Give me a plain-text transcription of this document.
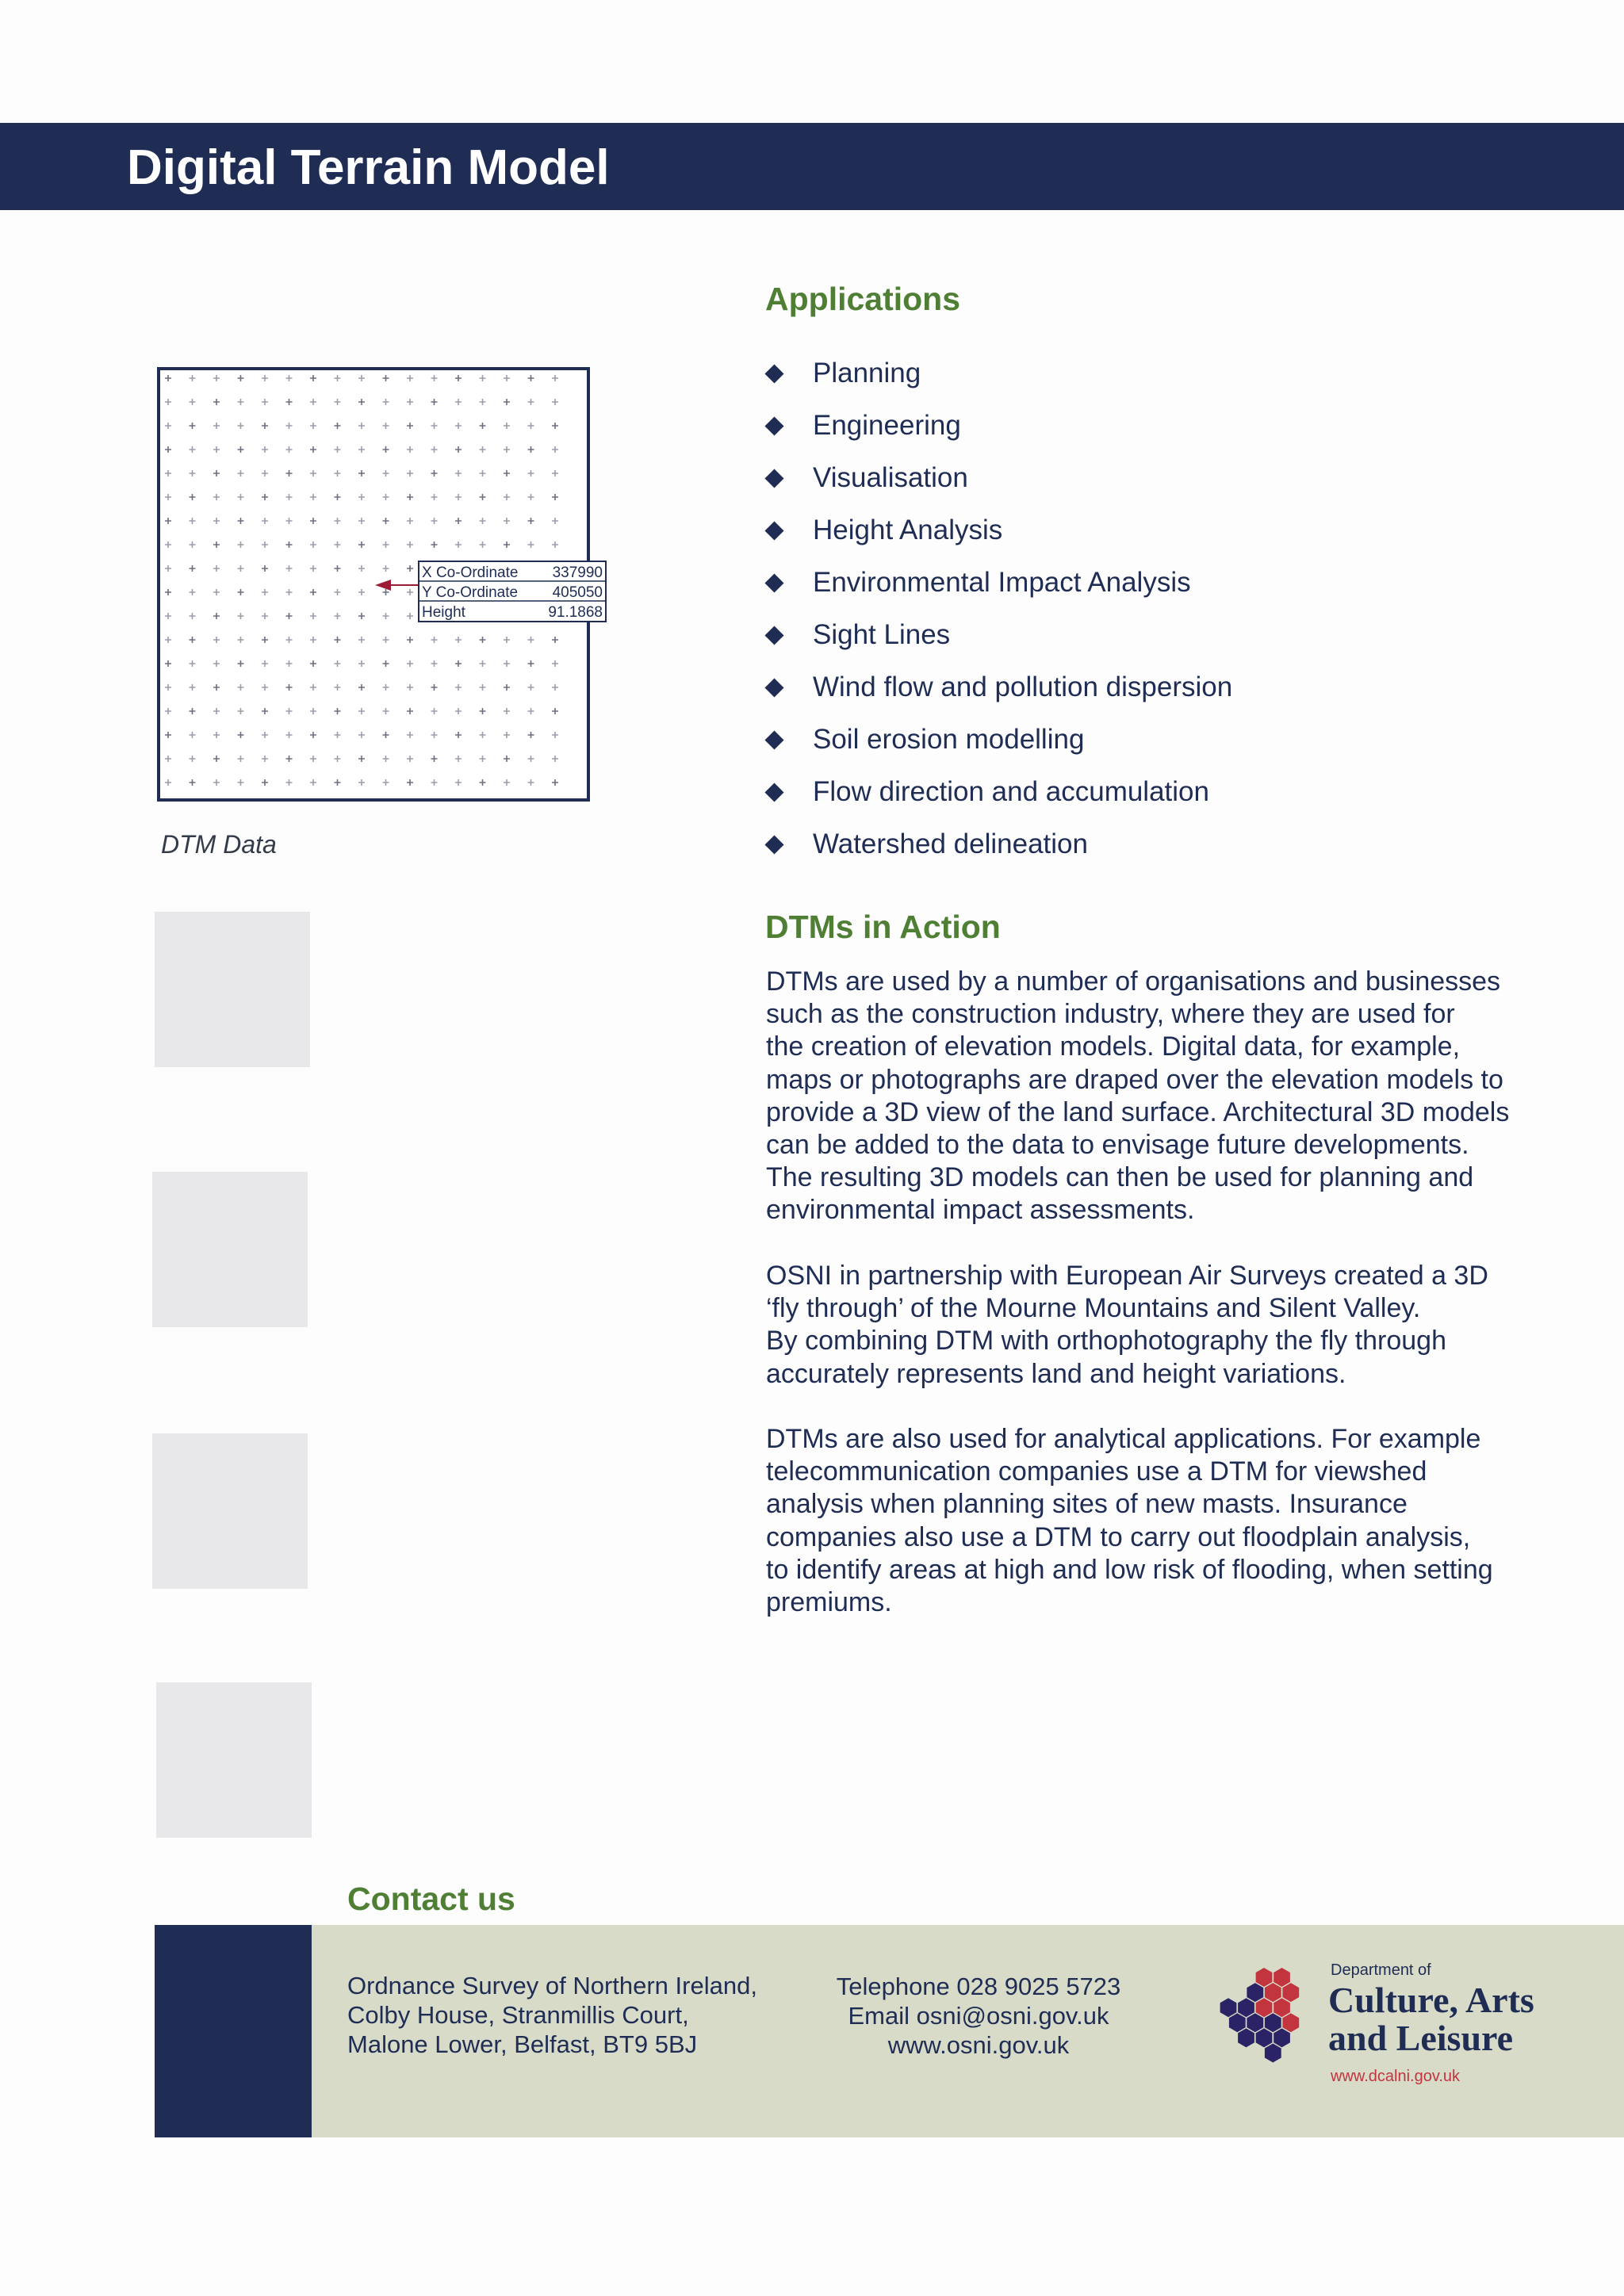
Digital Terrain Model
X Co-Ordinate 337990
Y Co-Ordinate 405050
Height	91.1868
DTM Data
Applications
Planning
Engineering
Visualisation
Height Analysis
Environmental Impact Analysis
Sight Lines
Wind flow and pollution dispersion
Soil erosion modelling
Flow direction and accumulation
Watershed delineation
DTMs in Action

DTMs are used by a number of organisations and businesses
such as the construction industry, where they are used for
the creation of elevation models. Digital data, for example,
maps or photographs are draped over the elevation models to
provide a 3D view of the land surface. Architectural 3D models
can be added to the data to envisage future developments.
The resulting 3D models can then be used for planning and
environmental impact assessments.

OSNI in partnership with European Air Surveys created a 3D
‘fly through’ of the Mourne Mountains and Silent Valley.
By combining DTM with orthophotography the fly through
accurately represents land and height variations.

DTMs are also used for analytical applications. For example
telecommunication companies use a DTM for viewshed
analysis when planning sites of new masts. Insurance
companies also use a DTM to carry out floodplain analysis,
to identify areas at high and low risk of flooding, when setting
premiums.

Contact us
Ordnance Survey of Northern Ireland,
Colby House, Stranmillis Court,
Malone Lower, Belfast, BT9 5BJ
Telephone 028 9025 5723
Email osni@osni.gov.uk
www.osni.gov.uk
Department of
Culture, Arts
and Leisure
www.dcalni.gov.uk
